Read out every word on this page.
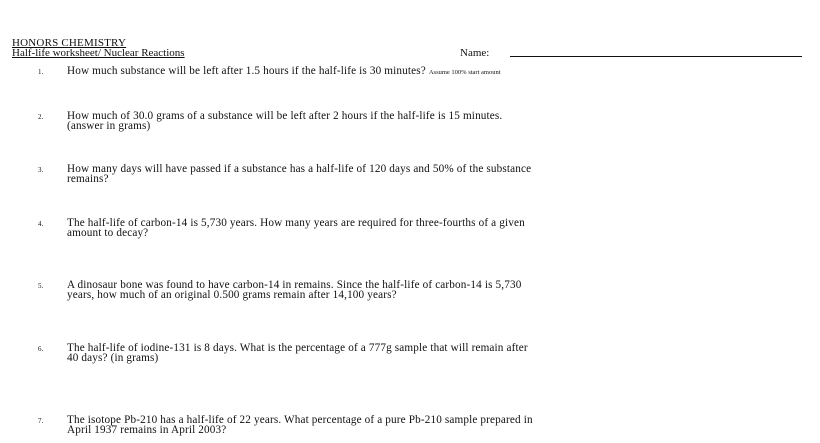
HONORS CHEMISTRY
Half-life worksheet/ Nuclear Reactions	Name:
1. How much substance will be left after 1.5 hours if the half-life is 30 minutes? Assume 100% start amount
2. How much of 30.0 grams of a substance will be left after 2 hours if the half-life is 15 minutes.
(answer in grams)
3. How many days will have passed if a substance has a half-life of 120 days and 50% of the substance
remains?
4. The half-life of carbon-14 is 5,730 years. How many years are required for three-fourths of a given
amount to decay?
5. A dinosaur bone was found to have carbon-14 in remains. Since the half-life of carbon-14 is 5,730
years, how much of an original 0.500 grams remain after 14,100 years?
6. The half-life of iodine-131 is 8 days. What is the percentage of a 777g sample that will remain after
40 days? (in grams)
7. The isotope Pb-210 has a half-life of 22 years. What percentage of a pure Pb-210 sample prepared in
April 1937 remains in April 2003?
